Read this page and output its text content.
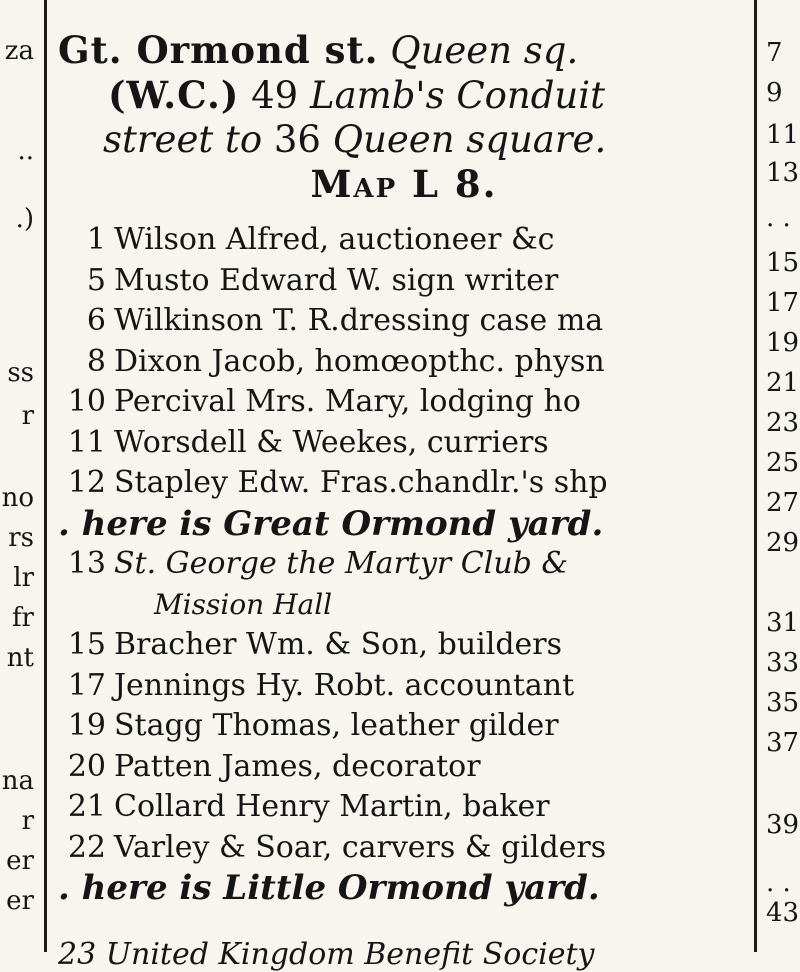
za
..
.)
ss
r
no
rs
lr
fr
nt
na
r
er
er
Gt. Ormond st. Queen sq.
(W.C.) 49 Lamb's Conduit
street to 36 Queen square.
Map L 8.
1 Wilson Alfred, auctioneer &c
5 Musto Edward W. sign writer
6 Wilkinson T. R.dressing case ma
8 Dixon Jacob, homœopthc. physn
10 Percival Mrs. Mary, lodging ho
11 Worsdell & Weekes, curriers
12 Stapley Edw. Fras.chandlr.'s shp
. here is Great Ormond yard.
13 St. George the Martyr Club &
Mission Hall
15 Bracher Wm. & Son, builders
17 Jennings Hy. Robt. accountant
19 Stagg Thomas, leather gilder
20 Patten James, decorator
21 Collard Henry Martin, baker
22 Varley & Soar, carvers & gilders
. here is Little Ormond yard.
23 United Kingdom Benefit Society
7
9
11
13
. .
15
17
19
21
23
25
27
29
31
33
35
37
39
. .
43
